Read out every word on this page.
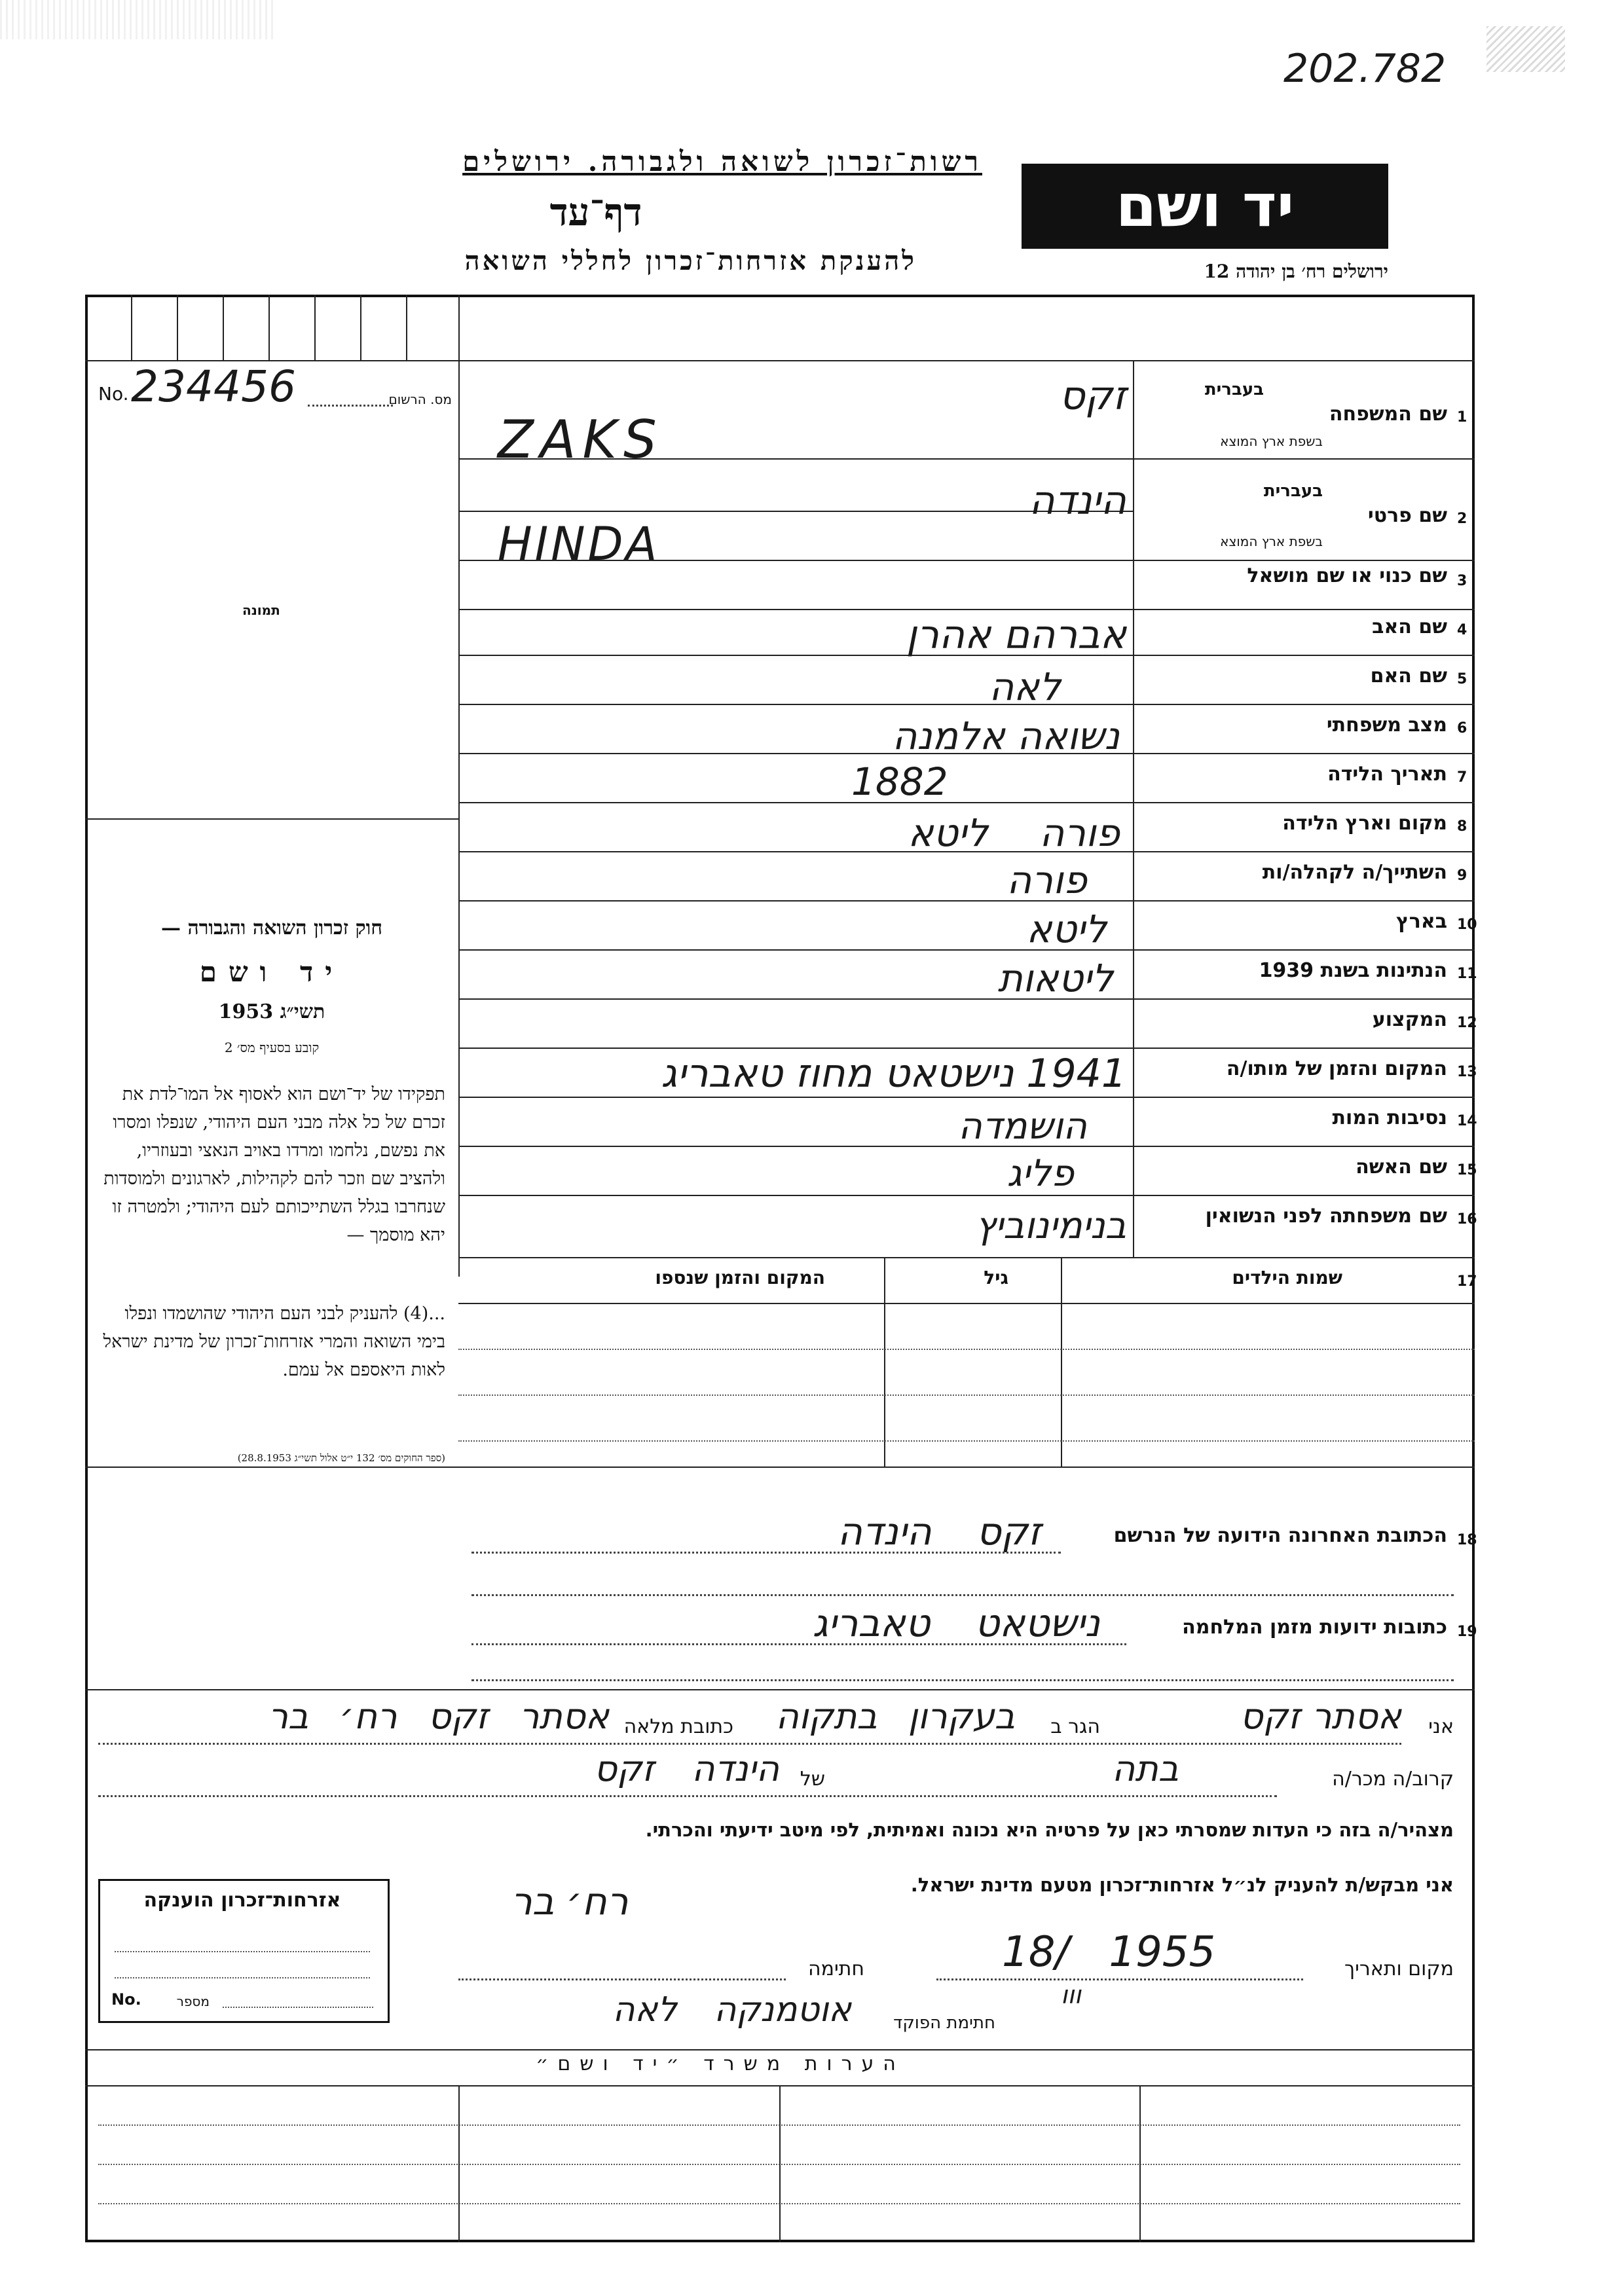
202.782
רשות־זכרון לשואה ולגבורה. ירושלים
דף־עד
להענקת אזרחות־זכרון לחללי השואה
יד ושם
ירושלים רח׳ בן יהודה 12
No. 234456	מס. הרשום
תמונה
חוק זכרון השואה והגבורה —
יד ושם
תשי״ג 1953
קובע בסעיף מס׳ 2
תפקידו של יד־ושם הוא לאסוף אל המו־לדת את זכרם של כל אלה מבני העם היהודי, שנפלו ומסרו את נפשם, נלחמו ומרדו באויב הנאצי ובעוזריו, ולהציב שם וזכר להם לקהילות, לארגונים ולמוסדות שנחרבו בגלל השתייכותם לעם היהודי; ולמטרה זו יהא מוסמך —
...(4) להעניק לבני העם היהודי שהושמדו ונפלו בימי השואה והמרי אזרחות־זכרון של מדינת ישראל לאות היאספם אל עמם.
(ספר החוקים מס׳ 132 י״ט אלול תשי״ג 28.8.1953)
1
שם המשפחה
בעברית
בשפת ארץ המוצא
זקס
ZAKS
2
שם פרטי
בעברית
בשפת ארץ המוצא
הינדה
HINDA
3
שם כנוי או שם מושאל
4
שם האב
אברהם אהרן
5
שם האם
לאה
6
מצב משפחתי
נשואה אלמנה
7
תאריך הלידה
1882
8
מקום וארץ הלידה
פורה ליטא
9
השתייך/ה לקהלה/ות
פורה
10
בארץ
ליטא
11
הנתינות בשנת 1939
ליטאות
12
המקצוע
13
המקום והזמן של מותו/ה
1941 נישטאט מחוז טאבריג
14
נסיבות המות
הושמדה
15
שם האשה
פליג
16
שם משפחתה לפני הנשואין
בנימינוביץ
17
שמות הילדים
גיל
המקום והזמן שנספו
18
הכתובת האחרונה הידועה של הנרשם
זקס הינדה
19
כתובות ידועות מזמן המלחמה
נישטאט טאבריג
אני
אסתר זקס
הגר ב
בעקרון בתקוה
כתובת מלאה
אסתר זקס רח׳ בר
קרוב/ה מכר/ה
בתה
של
הינדה זקס
מצהיר/ה בזה כי העדות שמסרתי כאן על פרטיה היא נכונה ואמיתית, לפי מיטב ידיעתי והכרתי.
אני מבקש/ת להעניק לנ״ל אזרחות־זכרון מטעם מדינת ישראל.
אזרחות־זכרון הוענקה
No.	מספר
רח׳ בר
מקום ותאריך
18/ 1955
ווו
חתימה
חתימת הפוקד
אוטמנקה לאה
הערות משרד ״יד ושם״
